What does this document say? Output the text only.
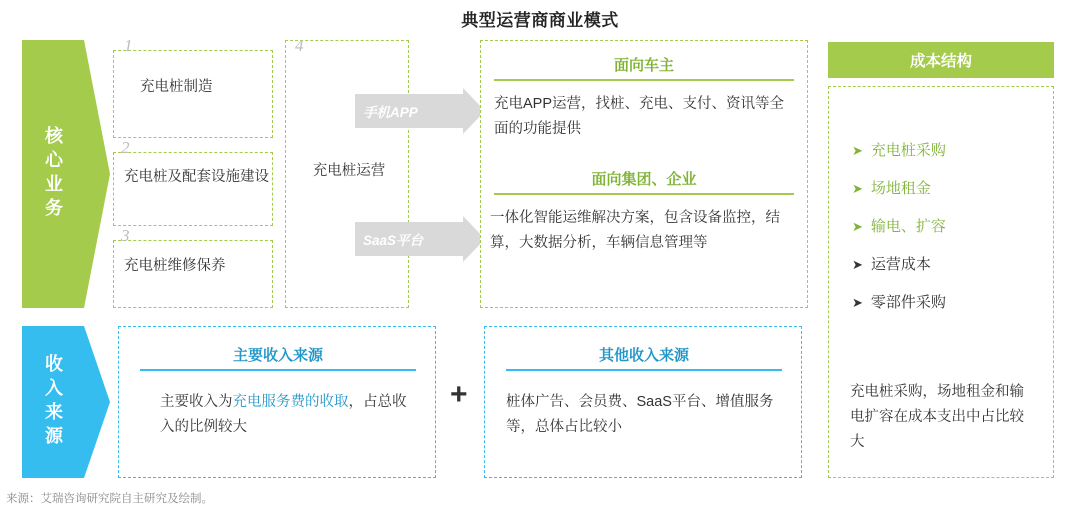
典型运营商商业模式
核心业务
收入来源
1
充电桩制造
2
充电桩及配套设施建设
3
充电桩维修保养
4
充电桩运营
手机APP
SaaS平台
面向车主
充电APP运营，找桩、充电、支付、资讯等全面的功能提供
面向集团、企业
一体化智能运维解决方案，包含设备监控，结算，大数据分析，车辆信息管理等
主要收入来源
主要收入为充电服务费的收取，占总收入的比例较大
+
其他收入来源
桩体广告、会员费、SaaS平台、增值服务等，总体占比较小
成本结构
➤ 充电桩采购
➤ 场地租金
➤ 输电、扩容
➤ 运营成本
➤ 零部件采购
充电桩采购，场地租金和输电扩容在成本支出中占比较大
来源：艾瑞咨询研究院自主研究及绘制。
